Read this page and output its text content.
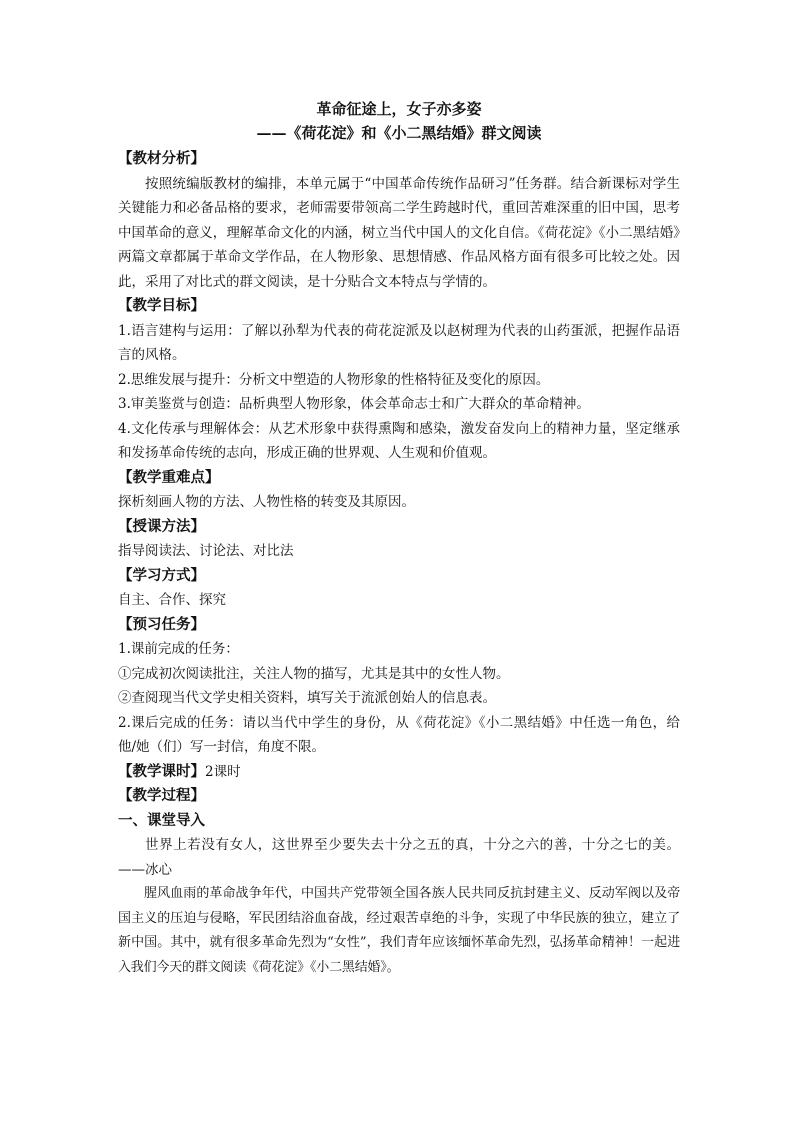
革命征途上，女子亦多姿

——《荷花淀》和《小二黑结婚》群文阅读

【教材分析】

按照统编版教材的编排，本单元属于“中国革命传统作品研习”任务群。结合新课标对学生关键能力和必备品格的要求，老师需要带领高二学生跨越时代，重回苦难深重的旧中国，思考中国革命的意义，理解革命文化的内涵，树立当代中国人的文化自信。《荷花淀》《小二黑结婚》两篇文章都属于革命文学作品，在人物形象、思想情感、作品风格方面有很多可比较之处。因此，采用了对比式的群文阅读，是十分贴合文本特点与学情的。

【教学目标】

1.语言建构与运用：了解以孙犁为代表的荷花淀派及以赵树理为代表的山药蛋派，把握作品语言的风格。

2.思维发展与提升：分析文中塑造的人物形象的性格特征及变化的原因。

3.审美鉴赏与创造：品析典型人物形象，体会革命志士和广大群众的革命精神。

4.文化传承与理解体会：从艺术形象中获得熏陶和感染，激发奋发向上的精神力量，坚定继承和发扬革命传统的志向，形成正确的世界观、人生观和价值观。

【教学重难点】

探析刻画人物的方法、人物性格的转变及其原因。

【授课方法】

指导阅读法、讨论法、对比法

【学习方式】

自主、合作、探究

【预习任务】

1.课前完成的任务：

①完成初次阅读批注，关注人物的描写，尤其是其中的女性人物。

②查阅现当代文学史相关资料，填写关于流派创始人的信息表。

2.课后完成的任务：请以当代中学生的身份，从《荷花淀》《小二黑结婚》中任选一角色，给他/她（们）写一封信，角度不限。

【教学课时】2课时

【教学过程】

一、课堂导入

世界上若没有女人，这世界至少要失去十分之五的真，十分之六的善，十分之七的美。——冰心

腥风血雨的革命战争年代，中国共产党带领全国各族人民共同反抗封建主义、反动军阀以及帝国主义的压迫与侵略，军民团结浴血奋战，经过艰苦卓绝的斗争，实现了中华民族的独立，建立了新中国。其中，就有很多革命先烈为“女性”，我们青年应该缅怀革命先烈，弘扬革命精神！一起进入我们今天的群文阅读《荷花淀》《小二黑结婚》。
